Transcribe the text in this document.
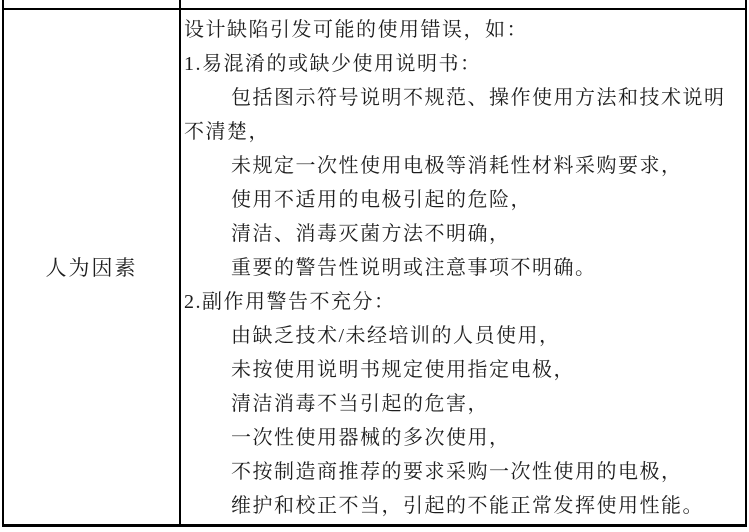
人为因素
设计缺陷引发可能的使用错误，如：
1.易混淆的或缺少使用说明书：
包括图示符号说明不规范、操作使用方法和技术说明
不清楚，
未规定一次性使用电极等消耗性材料采购要求，
使用不适用的电极引起的危险，
清洁、消毒灭菌方法不明确，
重要的警告性说明或注意事项不明确。
2.副作用警告不充分：
由缺乏技术/未经培训的人员使用，
未按使用说明书规定使用指定电极，
清洁消毒不当引起的危害，
一次性使用器械的多次使用，
不按制造商推荐的要求采购一次性使用的电极，
维护和校正不当，引起的不能正常发挥使用性能。
